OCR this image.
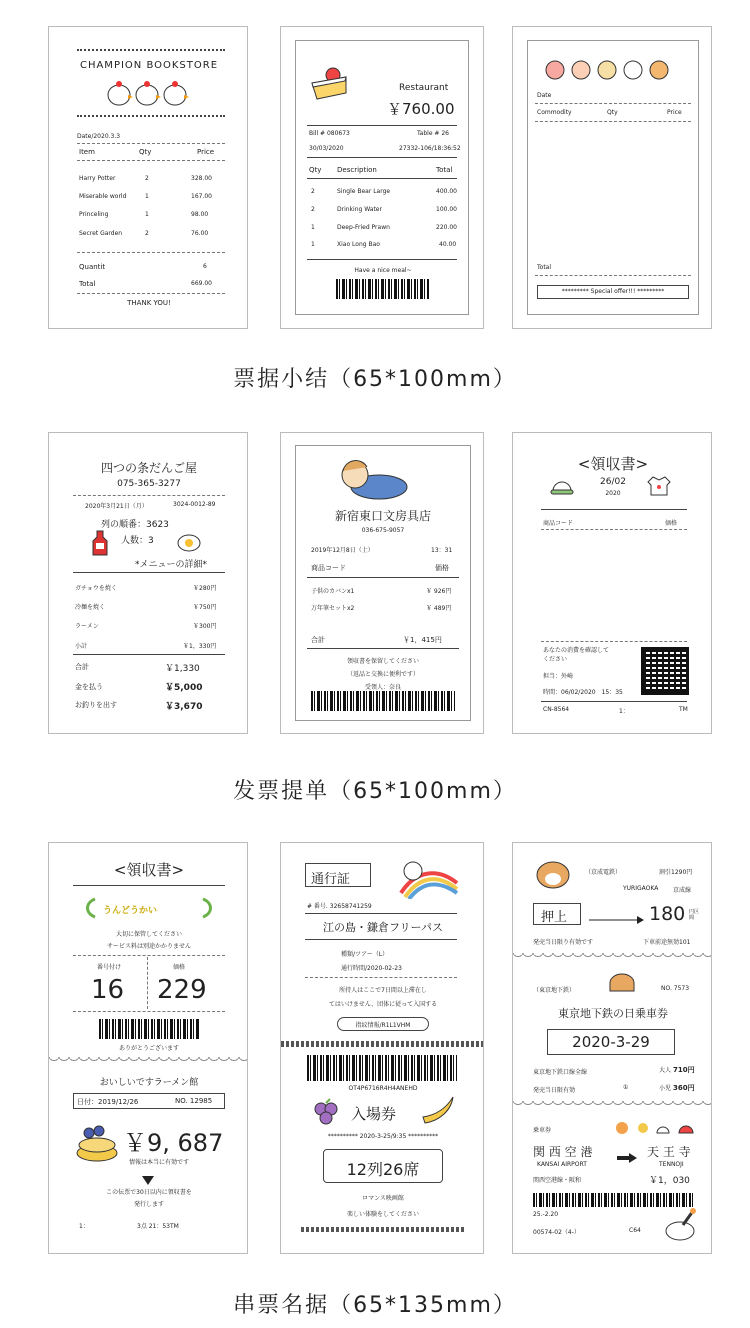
CHAMPION BOOKSTORE
Date/2020.3.3
Item	Qty	Price
Harry Potter	2	328.00
Miserable world	1	167.00
Princeling	1	98.00
Secret Garden	2	76.00
Quantit	6
Total	669.00
THANK YOU!
Restaurant
￥760.00
Bill # 080673	Table # 26
30/03/2020	27332-106/18:36:52
Qty Description	Total
2	Single Bear Large	400.00
2	Drinking Water	100.00
1	Deep-Fried Prawn	220.00
1	Xiao Long Bao	40.00
Have a nice meal~
Date
Commodity	Qty	Price
Total
********* Special offer!!! *********
票据小结（65*100mm）
四つの条だんご屋
075-365-3277
2020年3月21日（月）	3024-0012-89
列の順番：3623
人数：3
*メニューの詳細*
ガチョウを焼く	￥280円
冷麺を焼く	￥750円
ラーメン	￥300円
小計	￥1，330円
合計	￥1,330
金を払う	￥5,000
お釣りを出す	￥3,670
新宿東口文房具店
036-675-9057
2019年12月8日（土）	13：31
商品コード	価格
子供のカバンx1	￥ 926円
万年筆セットx2	￥ 489円
合計	￥1，415円
領収書を保留してください
（返品と交換に便利です）
受領人：奈良
<領収書>
26/02
2020
商品コード	価格
あなたの消費を確認して
ください
担当：外崎
時間：06/02/2020　15：35
CN-8564	1：	TM
发票提单（65*100mm）
<領収書>
うんどうかい
大切に保管してください
サービス料は別途かかりません
番号付け	価格
16 229
ありがとうございます
おいしいですラーメン館
日付：2019/12/26	NO. 12985
￥9, 687
情報は本当に有効です
この伝票で30日以内に領収書を
発行します
1：	3点 21：53TM
通行証
# 番号. 32658741259
江の島・鎌倉フリーパス
種類/ツアー（L）
通行時間/2020-02-23
所持人はここで7日間以上滞在し
てはいけません、団体に従って入国する
指紋情報/R1L1VHM
OT4P6716R4H4ANEHD
入場券
********** 2020-3-25/9:35 **********
12列26席
ロマンス映画館
楽しい体験をしてください
（京成電鉄）	割引1290円
YURIGAOKA 京成線
押上	180 円区間
発売当日限り有効です	下車前途無効101
（東京地下鉄）	NO. 7573
東京地下鉄の日乗車券
2020-3-29
東京地下鉄口線全線	大人 710円
発売当日限有効	①	小児 360円
乗車券
関 西 空 港	天 王 寺
KANSAI AIRPORT	TENNOJI
関西空港線・阪和	￥1，030
25.-2.20
00574-02（4-）	C64
串票名据（65*135mm）
